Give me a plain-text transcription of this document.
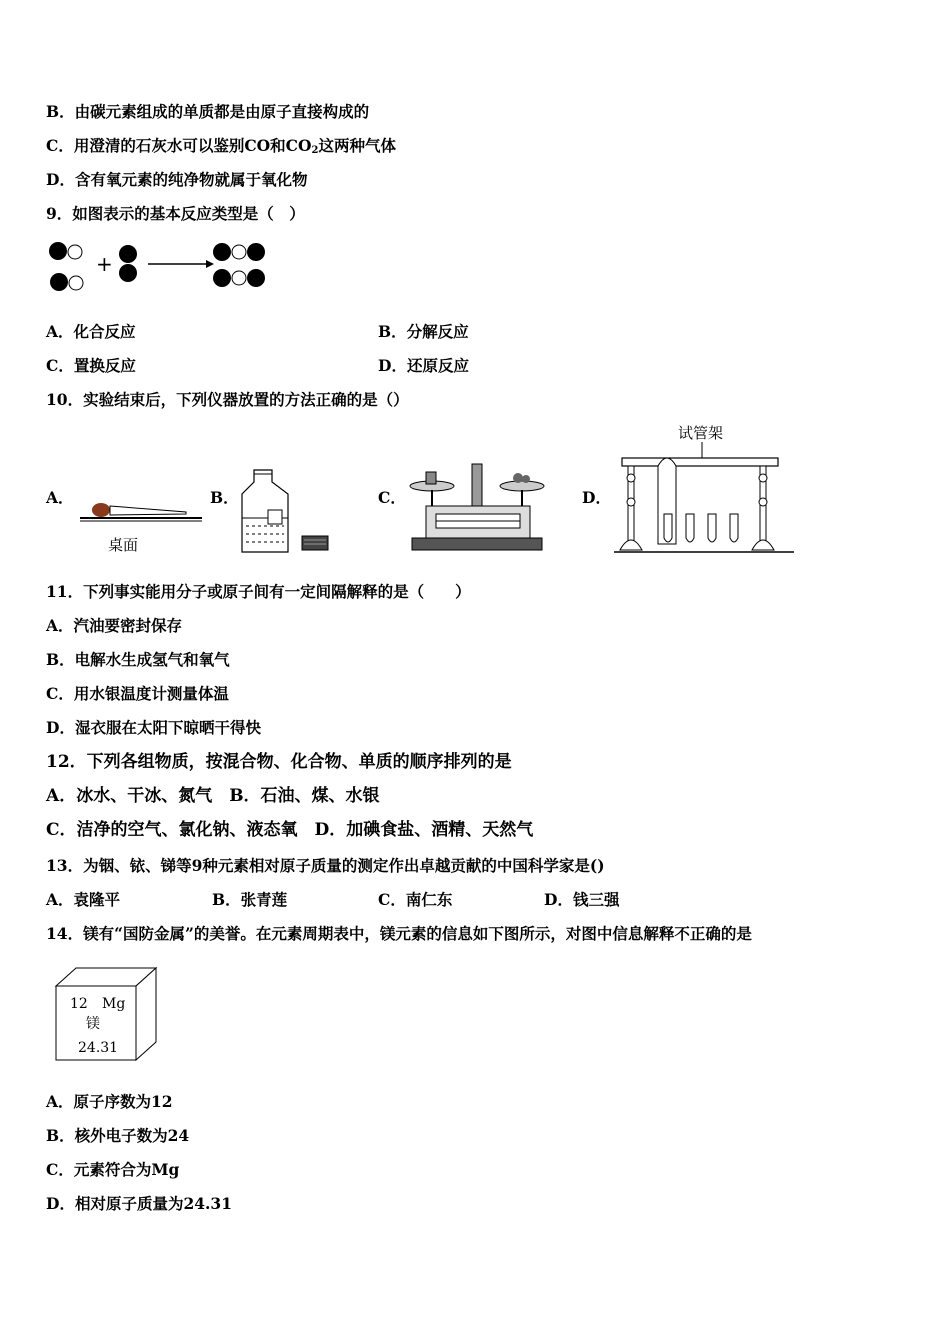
B．由碳元素组成的单质都是由原子直接构成的
C．用澄清的石灰水可以鉴别CO和$CO_2$这两种气体
D．含有氧元素的纯净物就属于氧化物
9．如图表示的基本反应类型是（　）
+
A．化合反应	B．分解反应
C．置换反应	D．还原反应
10．实验结束后，下列仪器放置的方法正确的是（）
A．
桌面
B．	C．	D．
试管架
11．下列事实能用分子或原子间有一定间隔解释的是（　　）
A．汽油要密封保存
B．电解水生成氢气和氧气
C．用水银温度计测量体温
D．湿衣服在太阳下晾晒干得快
12．下列各组物质，按混合物、化合物、单质的顺序排列的是
A．冰水、干冰、氮气　B．石油、煤、水银
C．洁净的空气、氯化钠、液态氧　D．加碘食盐、酒精、天然气
13．为铟、铱、锑等9种元素相对原子质量的测定作出卓越贡献的中国科学家是()
A．袁隆平	B．张青莲	C．南仁东	D．钱三强
14．镁有“国防金属”的美誉。在元素周期表中，镁元素的信息如下图所示，对图中信息解释不正确的是
12 Mg
镁
24.31
A．原子序数为12
B．核外电子数为24
C．元素符合为Mg
D．相对原子质量为24.31
